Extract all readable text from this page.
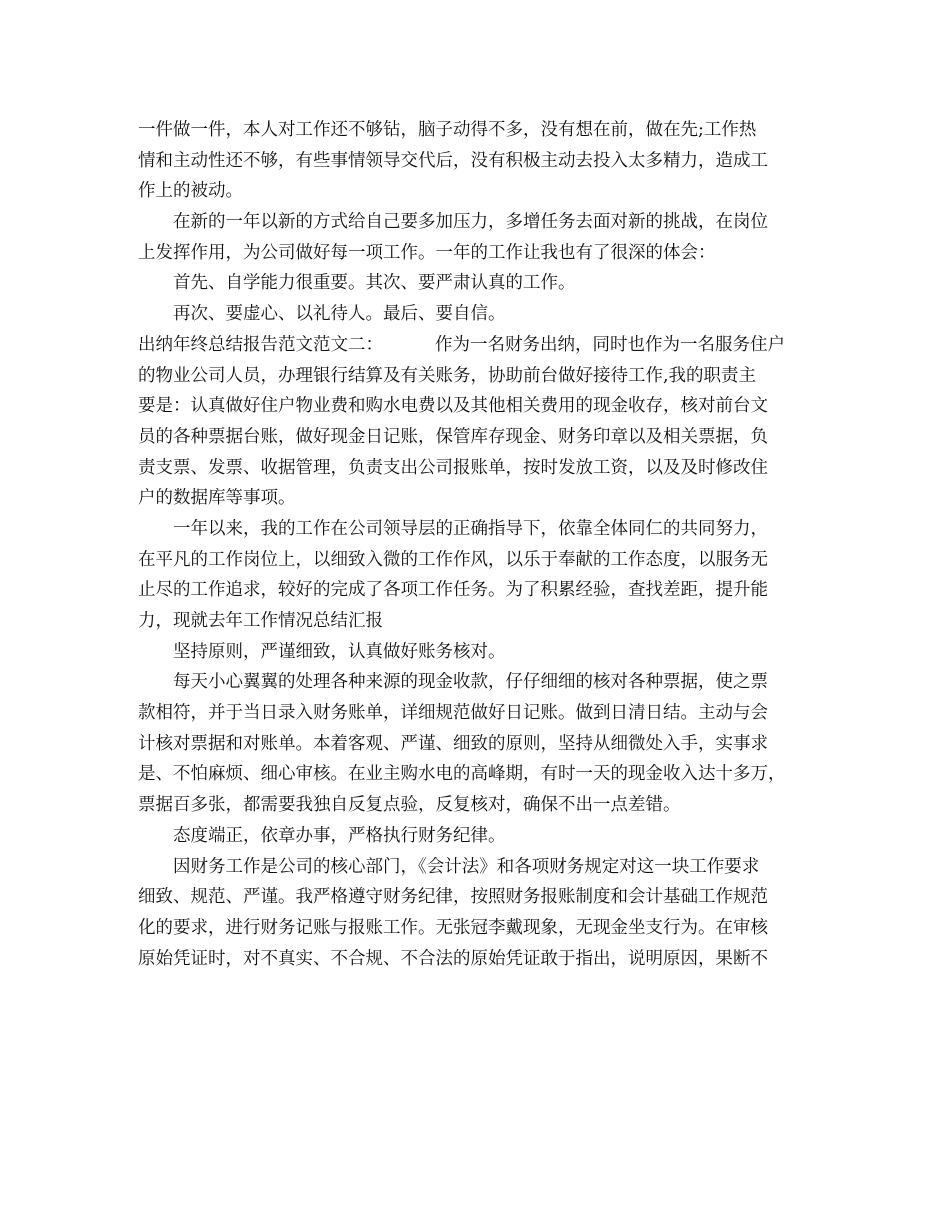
一件做一件，本人对工作还不够钻，脑子动得不多，没有想在前，做在先;工作热
情和主动性还不够，有些事情领导交代后，没有积极主动去投入太多精力，造成工
作上的被动。
在新的一年以新的方式给自己要多加压力，多增任务去面对新的挑战，在岗位
上发挥作用，为公司做好每一项工作。一年的工作让我也有了很深的体会：
首先、自学能力很重要。其次、要严肃认真的工作。
再次、要虚心、以礼待人。最后、要自信。
出纳年终总结报告范文范文二：	作为一名财务出纳，同时也作为一名服务住户
的物业公司人员，办理银行结算及有关账务，协助前台做好接待工作,我的职责主
要是：认真做好住户物业费和购水电费以及其他相关费用的现金收存，核对前台文
员的各种票据台账，做好现金日记账，保管库存现金、财务印章以及相关票据，负
责支票、发票、收据管理，负责支出公司报账单，按时发放工资，以及及时修改住
户的数据库等事项。
一年以来，我的工作在公司领导层的正确指导下，依靠全体同仁的共同努力，
在平凡的工作岗位上，以细致入微的工作作风，以乐于奉献的工作态度，以服务无
止尽的工作追求，较好的完成了各项工作任务。为了积累经验，查找差距，提升能
力，现就去年工作情况总结汇报
坚持原则，严谨细致，认真做好账务核对。
每天小心翼翼的处理各种来源的现金收款，仔仔细细的核对各种票据，使之票
款相符，并于当日录入财务账单，详细规范做好日记账。做到日清日结。主动与会
计核对票据和对账单。本着客观、严谨、细致的原则，坚持从细微处入手，实事求
是、不怕麻烦、细心审核。在业主购水电的高峰期，有时一天的现金收入达十多万，
票据百多张，都需要我独自反复点验，反复核对，确保不出一点差错。
态度端正，依章办事，严格执行财务纪律。
因财务工作是公司的核心部门，《会计法》和各项财务规定对这一块工作要求
细致、规范、严谨。我严格遵守财务纪律，按照财务报账制度和会计基础工作规范
化的要求，进行财务记账与报账工作。无张冠李戴现象，无现金坐支行为。在审核
原始凭证时，对不真实、不合规、不合法的原始凭证敢于指出，说明原因，果断不
